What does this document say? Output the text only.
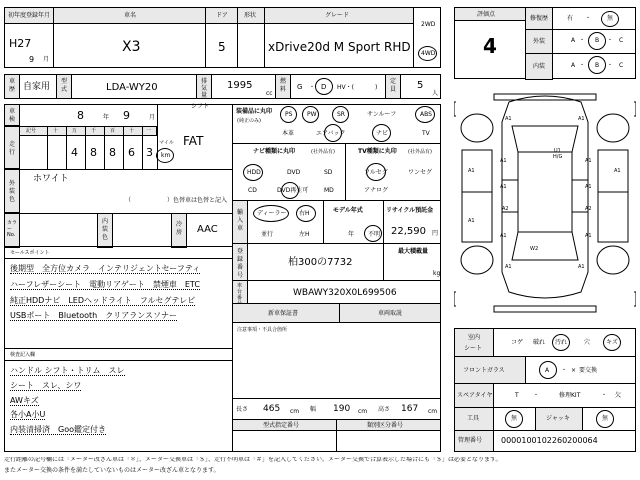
初年度登録年月	車名	ドア	形状	グレード
2WD
4WD
H27
9 月
X3	5	xDrive20d M Sport RHD
車歴 自家用
型式	LDA-WY20
排気量
1995
cc
燃料 G ・ D HV・(	)
定員 5
人
評価点
4
修復歴	有 ・	無
外装	A ・ B ・ C
内装	A ・ B ・ C
車検	8	年 9	月
シフト
FAT
走行
記号	十	万	千	百	十 一
4 8 8 6 3
マイル
km
外装色
ホワイト
（　　　　　　）色替車は色替と記入
カラーNo.
内装色
冷房 AAC
装備品に丸印
(純正のみ)
PS PW	SR	サンルーフ	ABS
本革	エアバック	ナビ	TV
ナビ種類に丸印	(社外品有)
HDD	DVD	SD
CD	DVD再生可	MD
TV種類に丸印 (社外品有)
フルセグ	ワンセグ
アナログ
輸入車
ディーラー 右H
並行	左H
モデル年式
年 不明
リサイクル預託金
22,590 円
登録番号
柏300の7732
最大積載量
kg
車台番	WBAWY320X0L699506
新車保証書	車両取説
注意事項・不具合箇所
セールスポイント
後期型　全方位カメラ　インテリジェントセーフティ
ハーフレザーシート　電動リアゲート　禁煙車　ETC
純正HDDナビ　LEDヘッドライト　フルセグテレビ
USBポート　Bluetooth　クリアランスソナー
検査記入欄
ハンドル シフト・トリム　スレ
シート　スレ、シワ
AWキズ
各小A小U
内装清掃済　Goo鑑定付き
長さ 465 cm 幅 190 cm 高さ 167 cm
型式指定番号	類別区分番号
A1	A1
A1	A1
A1	A1
A1	A1
A2	A2
A1
W2
A1	A1
A1	A1
U1
H/G
室内
シート
コゲ 破れ 汚れ	穴	キズ
フロントガラス	A ・ × 要交 換
スペアタイヤ	T ・	修理KIT	・ 欠
工具	無	ジャッキ	無
管理番号 0000100102260200064
走行距離の記号欄には「メーター改ざん車は「＊」、メーター交換車は「＄」、走行不明車は「＃」を記入してください。メーター交換で合算表示した場合にも「＄」は必要となります。
またメーター交換の条件を満たしていないものはメーター改ざん車となります。
